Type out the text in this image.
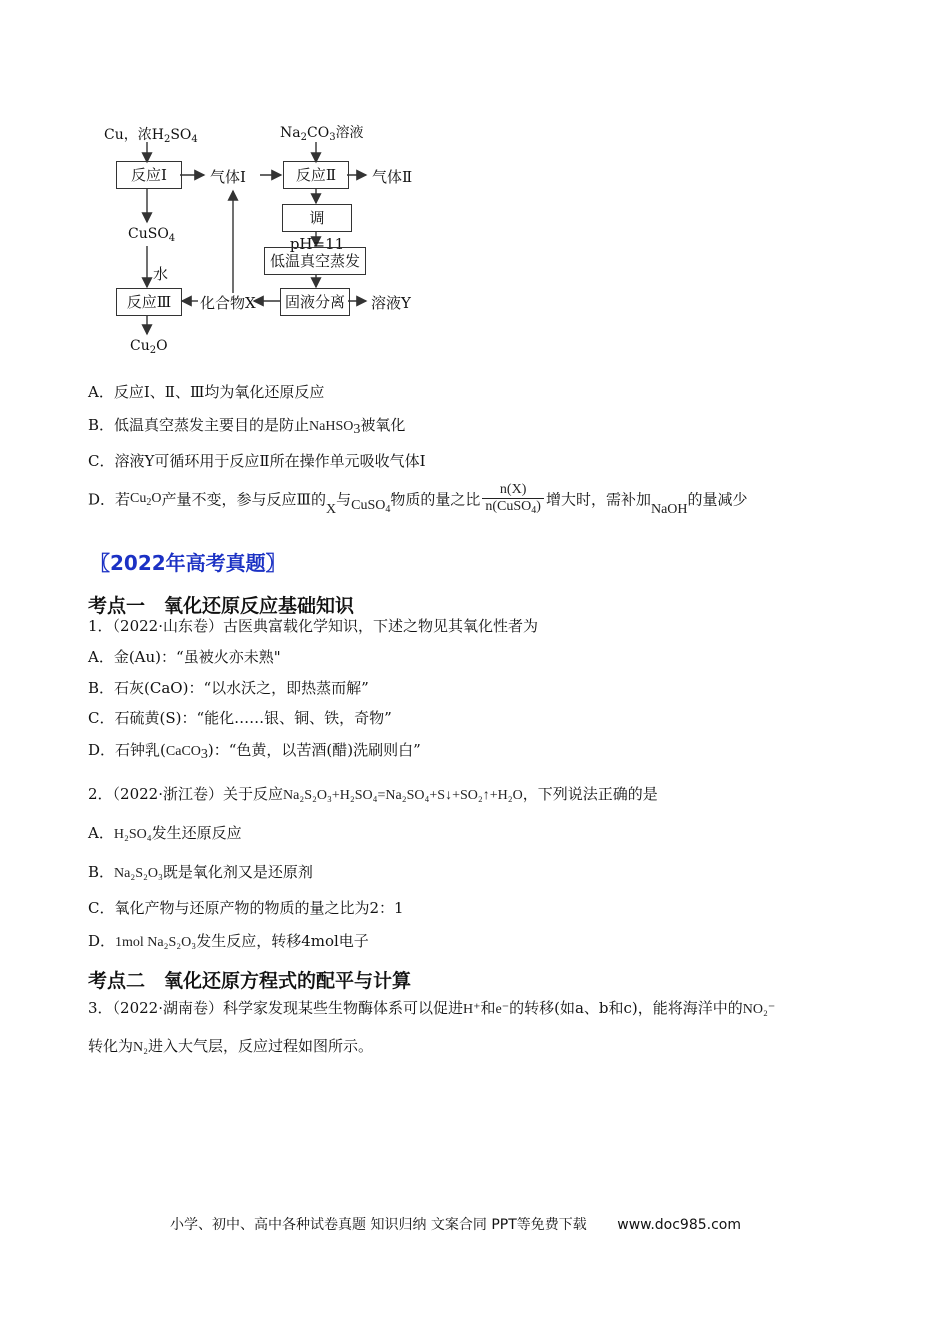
Cu，浓$H_2SO_4$
反应Ⅰ	气体Ⅰ
$Na_2CO_3$溶液
反应Ⅱ	气体Ⅱ
调pH=11
低温真空蒸发
固液分离	溶液Y
化合物X
CuSO$_4$
水
反应Ⅲ
$Cu_2O$
A．反应Ⅰ、Ⅱ、Ⅲ均为氧化还原反应
B．低温真空蒸发主要目的是防止NaHSO$_3$被氧化
C．溶液Y可循环用于反应Ⅱ所在操作单元吸收气体Ⅰ
D．若$Cu_2O$产量不变，参与反应Ⅲ的X与CuSO$_4$物质的量之比 $\frac{n(X)}{n(CuSO_4)}$ 增大时，需补加NaOH的量减少
〖2022年高考真题〗
考点一　氧化还原反应基础知识
1．（2022·山东卷）古医典富载化学知识，下述之物见其氧化性者为
A．金(Au)：“虽被火亦未熟"
B．石灰(CaO)：“以水沃之，即热蒸而解”
C．石硫黄(S)：“能化……银、铜、铁，奇物”
D．石钟乳(CaCO$_3$)：“色黄，以苦酒(醋)洗刷则白”
2．（2022·浙江卷）关于反应Na₂S₂O₃+H₂SO₄=Na₂SO₄+S↓+SO₂↑+H₂O，下列说法正确的是
A．H₂SO₄发生还原反应
B．Na₂S₂O₃既是氧化剂又是还原剂
C．氧化产物与还原产物的物质的量之比为2：1
D．1mol Na₂S₂O₃发生反应，转移4mol电子
考点二　氧化还原方程式的配平与计算
3．（2022·湖南卷）科学家发现某些生物酶体系可以促进H⁺和e⁻的转移(如a、b和c)，能将海洋中的NO₂⁻
转化为N₂进入大气层，反应过程如图所示。
小学、初中、高中各种试卷真题 知识归纳 文案合同 PPT等免费下载 www.doc985.com
